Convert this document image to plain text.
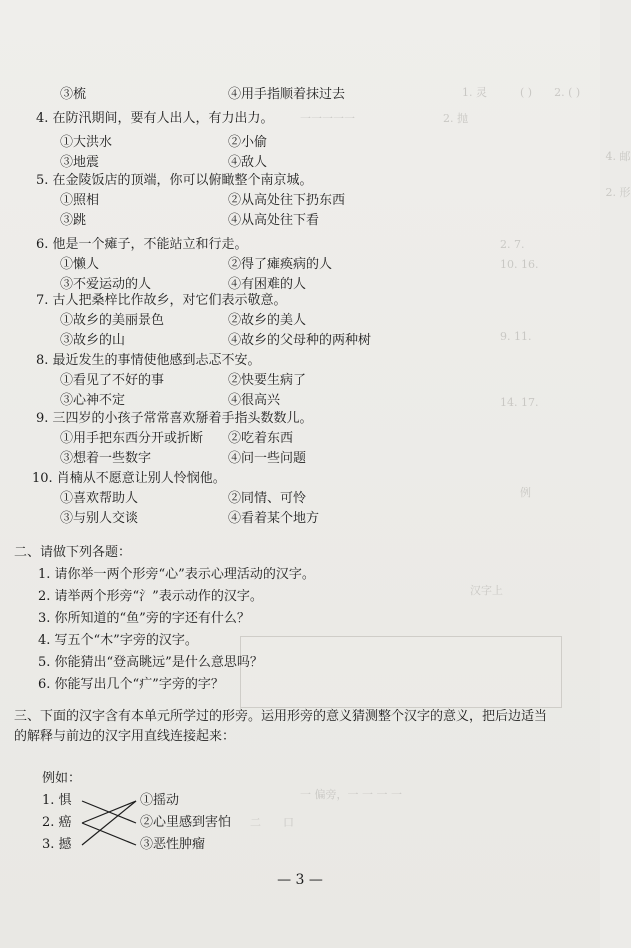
1. 灵　　　( )　　2. ( )
一一一一一　　　　　　　　2. 抛
　　　　　　　　　　　　 4. 邮
　　　　　　　　　　　　 2. 形
2. 7.
10. 16.
9. 11.
14. 17.
例
汉字上
一 偏旁，一 一 一 一
二　　口
③梳	④用手指顺着抹过去
4. 在防汛期间，要有人出人，有力出力。
①大洪水	②小偷
③地震	④敌人
5. 在金陵饭店的顶端，你可以俯瞰整个南京城。
①照相	②从高处往下扔东西
③跳	④从高处往下看
6. 他是一个瘫子，不能站立和行走。
①懒人	②得了瘫痪病的人
③不爱运动的人	④有困难的人
7. 古人把桑梓比作故乡，对它们表示敬意。
①故乡的美丽景色	②故乡的美人
③故乡的山	④故乡的父母种的两种树
8. 最近发生的事情使他感到忐忑不安。
①看见了不好的事	②快要生病了
③心神不定	④很高兴
9. 三四岁的小孩子常常喜欢掰着手指头数数儿。
①用手把东西分开或折断 ②吃着东西
③想着一些数字	④问一些问题
10. 肖楠从不愿意让别人怜悯他。
①喜欢帮助人	②同情、可怜
③与别人交谈	④看着某个地方
二、请做下列各题：
1. 请你举一两个形旁“心”表示心理活动的汉字。
2. 请举两个形旁“氵”表示动作的汉字。
3. 你所知道的“鱼”旁的字还有什么？
4. 写五个“木”字旁的汉字。
5. 你能猜出“登高眺远”是什么意思吗？
6. 你能写出几个“疒”字旁的字？
三、下面的汉字含有本单元所学过的形旁。运用形旁的意义猜测整个汉字的意义，把后边适当
的解释与前边的汉字用直线连接起来：
例如：
1. 惧
2. 癌
3. 撼
①摇动
②心里感到害怕
③恶性肿瘤
— 3 —
